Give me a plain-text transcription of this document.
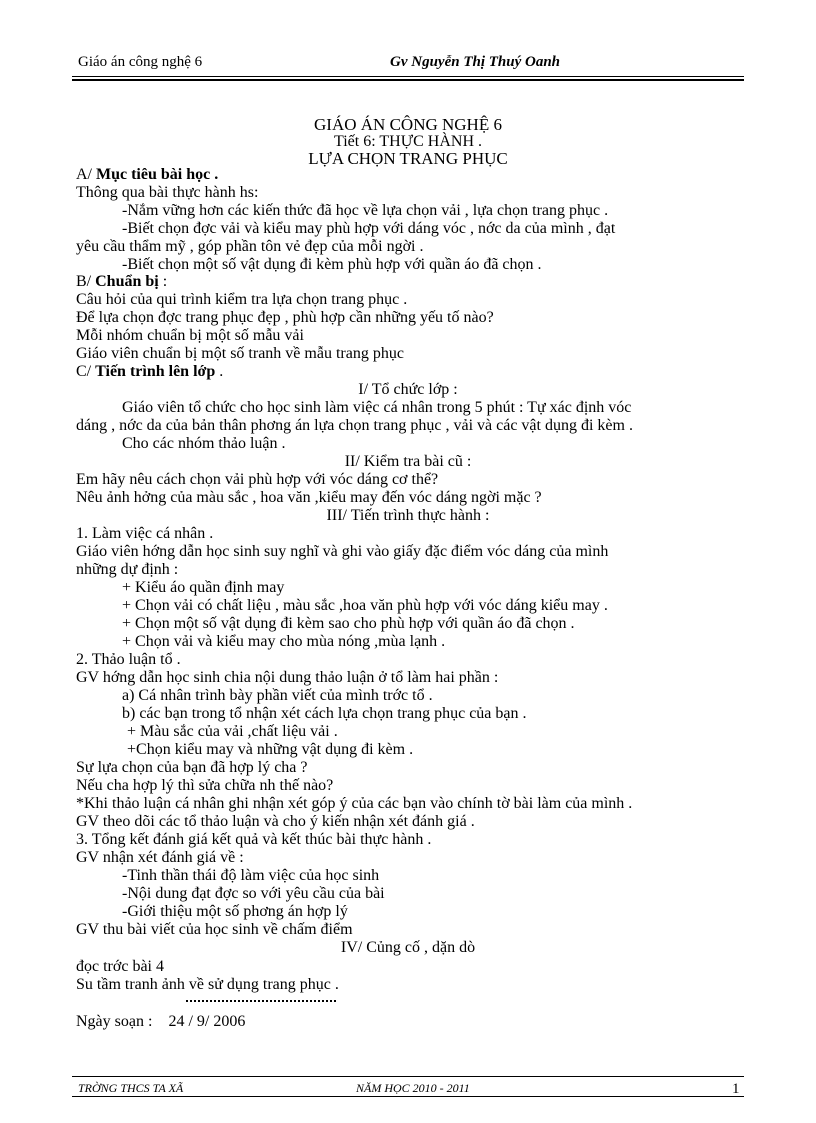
Giáo án công nghệ 6	Gv Nguyễn Thị Thuý Oanh
GIÁO ÁN CÔNG NGHỆ 6
Tiết 6: THỰC HÀNH .
LỰA CHỌN TRANG PHỤC
A/ Mục tiêu bài học .
Thông qua bài thực hành hs:
-Nắm vững hơn các kiến thức đã học về lựa chọn vải , lựa chọn trang phục .
-Biết chọn đợc vải và kiểu may phù hợp với dáng vóc , nớc da của mình , đạt
yêu cầu thẩm mỹ , góp phần tôn vẻ đẹp của mỗi ngời .
-Biết chọn một số vật dụng đi kèm phù hợp với quần áo đã chọn .
B/ Chuẩn bị :
Câu hỏi của qui trình kiểm tra lựa chọn trang phục .
Để lựa chọn đợc trang phục đẹp , phù hợp cần những yếu tố nào?
Mỗi nhóm chuẩn bị một số mẫu vải
Giáo viên chuẩn bị một số tranh về mẫu trang phục
C/ Tiến trình lên lớp .
I/ Tổ chức lớp :
Giáo viên tổ chức cho học sinh làm việc cá nhân trong 5 phút : Tự xác định vóc
dáng , nớc da của bản thân phơng án lựa chọn trang phục , vải và các vật dụng đi kèm .
Cho các nhóm thảo luận .
II/ Kiểm tra bài cũ :
Em hãy nêu cách chọn vải phù hợp với vóc dáng cơ thể?
Nêu ảnh hởng của màu sắc , hoa văn ,kiểu may đến vóc dáng ngời mặc ?
III/ Tiến trình thực hành :
1. Làm việc cá nhân .
Giáo viên hớng dẫn học sinh suy nghĩ và ghi vào giấy đặc điểm vóc dáng của mình
những dự định :
+ Kiểu áo quần định may
+ Chọn vải có chất liệu , màu sắc ,hoa văn phù hợp với vóc dáng kiểu may .
+ Chọn một số vật dụng đi kèm sao cho phù hợp với quần áo đã chọn .
+ Chọn vải và kiểu may cho mùa nóng ,mùa lạnh .
2. Thảo luận tổ .
GV hớng dẫn học sinh chia nội dung thảo luận ở tổ làm hai phần :
a) Cá nhân trình bày phần viết của mình trớc tổ .
b) các bạn trong tổ nhận xét cách lựa chọn trang phục của bạn .
+ Màu sắc của vải ,chất liệu vải .
+Chọn kiểu may và những vật dụng đi kèm .
Sự lựa chọn của bạn đã hợp lý cha ?
Nếu cha hợp lý thì sửa chữa nh thế nào?
*Khi thảo luận cá nhân ghi nhận xét góp ý của các bạn vào chính tờ bài làm của mình .
GV theo dõi các tổ thảo luận và cho ý kiến nhận xét đánh giá .
3. Tổng kết đánh giá kết quả và kết thúc bài thực hành .
GV nhận xét đánh giá về :
-Tinh thần thái độ làm việc của học sinh
-Nội dung đạt đợc so với yêu cầu của bài
-Giới thiệu một số phơng án hợp lý
GV thu bài viết của học sinh về chấm điểm
IV/ Củng cố , dặn dò
đọc trớc bài 4
Su tầm tranh ảnh về sử dụng trang phục .
Ngày soạn : 24 / 9/ 2006
TRỜNG THCS TA XÃ	NĂM HỌC 2010 - 2011	1
